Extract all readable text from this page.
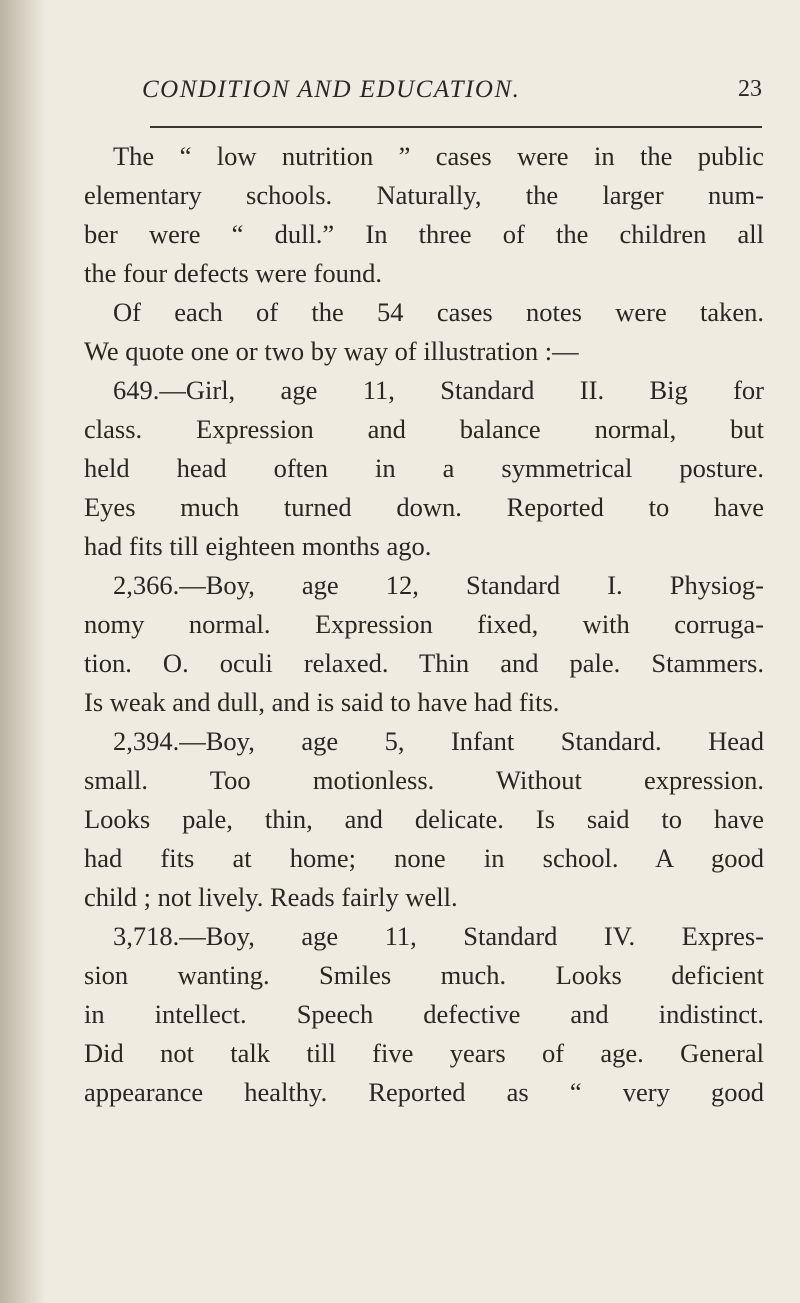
CONDITION AND EDUCATION.	23
The “ low nutrition ” cases were in the public
elementary schools. Naturally, the larger num-
ber were “ dull.” In three of the children all
the four defects were found.
Of each of the 54 cases notes were taken.
We quote one or two by way of illustration :—
649.—Girl, age 11, Standard II. Big for
class. Expression and balance normal, but
held head often in a symmetrical posture.
Eyes much turned down. Reported to have
had fits till eighteen months ago.
2,366.—Boy, age 12, Standard I. Physiog-
nomy normal. Expression fixed, with corruga-
tion. O. oculi relaxed. Thin and pale. Stammers.
Is weak and dull, and is said to have had fits.
2,394.—Boy, age 5, Infant Standard. Head
small. Too motionless. Without expression.
Looks pale, thin, and delicate. Is said to have
had fits at home; none in school. A good
child ; not lively. Reads fairly well.
3,718.—Boy, age 11, Standard IV. Expres-
sion wanting. Smiles much. Looks deficient
in intellect. Speech defective and indistinct.
Did not talk till five years of age. General
appearance healthy. Reported as “ very good
